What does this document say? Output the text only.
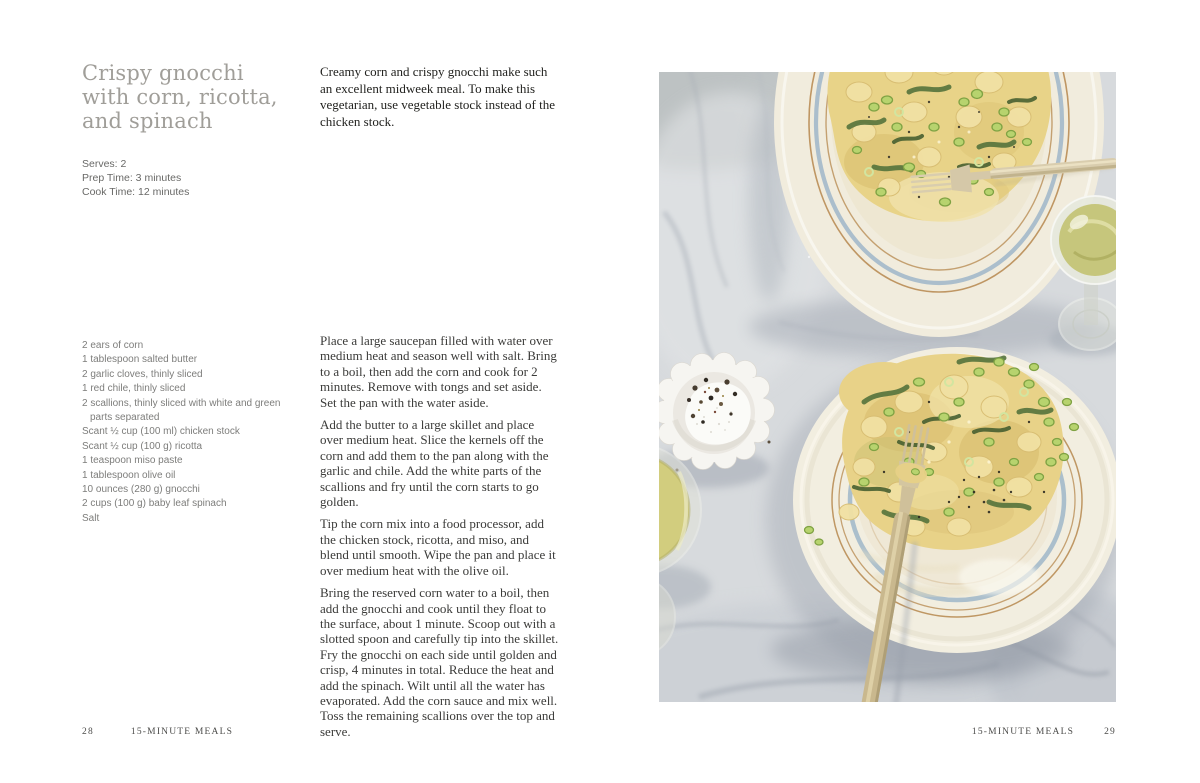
Crispy gnocchi
with corn, ricotta,
and spinach
Serves: 2
Prep Time: 3 minutes
Cook Time: 12 minutes
Creamy corn and crispy gnocchi make such an excellent midweek meal. To make this vegetarian, use vegetable stock instead of the chicken stock.
2 ears of corn
1 tablespoon salted butter
2 garlic cloves, thinly sliced
1 red chile, thinly sliced
2 scallions, thinly sliced with white and green parts separated
Scant ½ cup (100 ml) chicken stock
Scant ½ cup (100 g) ricotta
1 teaspoon miso paste
1 tablespoon olive oil
10 ounces (280 g) gnocchi
2 cups (100 g) baby leaf spinach
Salt

Place a large saucepan filled with water over medium heat and season well with salt. Bring to a boil, then add the corn and cook for 2 minutes. Remove with tongs and set aside. Set the pan with the water aside.

Add the butter to a large skillet and place over medium heat. Slice the kernels off the corn and add them to the pan along with the garlic and chile. Add the white parts of the scallions and fry until the corn starts to go golden.

Tip the corn mix into a food processor, add the chicken stock, ricotta, and miso, and blend until smooth. Wipe the pan and place it over medium heat with the olive oil.

Bring the reserved corn water to a boil, then add the gnocchi and cook until they float to the surface, about 1 minute. Scoop out with a slotted spoon and carefully tip into the skillet. Fry the gnocchi on each side until golden and crisp, 4 minutes in total. Reduce the heat and add the spinach. Wilt until all the water has evaporated. Add the corn sauce and mix well. Toss the remaining scallions over the top and serve.

28	15-MINUTE MEALS	15-MINUTE MEALS	29
